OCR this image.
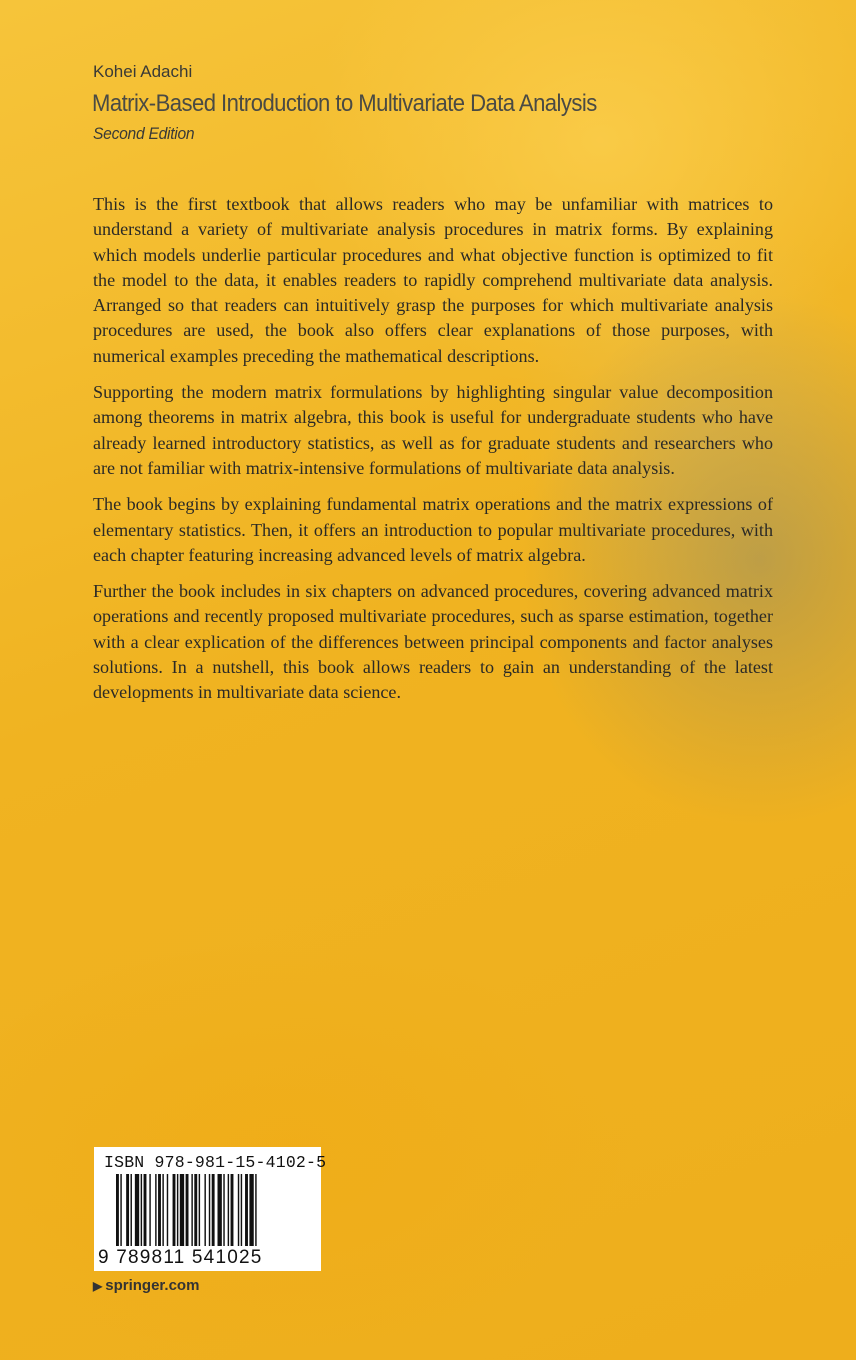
Kohei Adachi
Matrix-Based Introduction to Multivariate Data Analysis
Second Edition

This is the first textbook that allows readers who may be unfamiliar with matrices to understand a variety of multivariate analysis procedures in matrix forms. By explaining which models underlie particular procedures and what objective function is optimized to fit the model to the data, it enables readers to rapidly comprehend multivariate data analysis. Arranged so that readers can intuitively grasp the purposes for which multivariate analysis procedures are used, the book also offers clear explanations of those purposes, with numerical examples preceding the mathematical descriptions.

Supporting the modern matrix formulations by highlighting singular value decomposition among theorems in matrix algebra, this book is useful for undergraduate students who have already learned introductory statistics, as well as for graduate students and researchers who are not familiar with matrix-intensive formulations of multivariate data analysis.

The book begins by explaining fundamental matrix operations and the matrix expressions of elementary statistics. Then, it offers an introduction to popular multivariate procedures, with each chapter featuring increasing advanced levels of matrix algebra.

Further the book includes in six chapters on advanced procedures, covering advanced matrix operations and recently proposed multivariate procedures, such as sparse estimation, together with a clear explication of the differences between principal components and factor analyses solutions. In a nutshell, this book allows readers to gain an understanding of the latest developments in multivariate data science.

ISBN 978-981-15-4102-5
9 789811 541025
▶ springer.com
